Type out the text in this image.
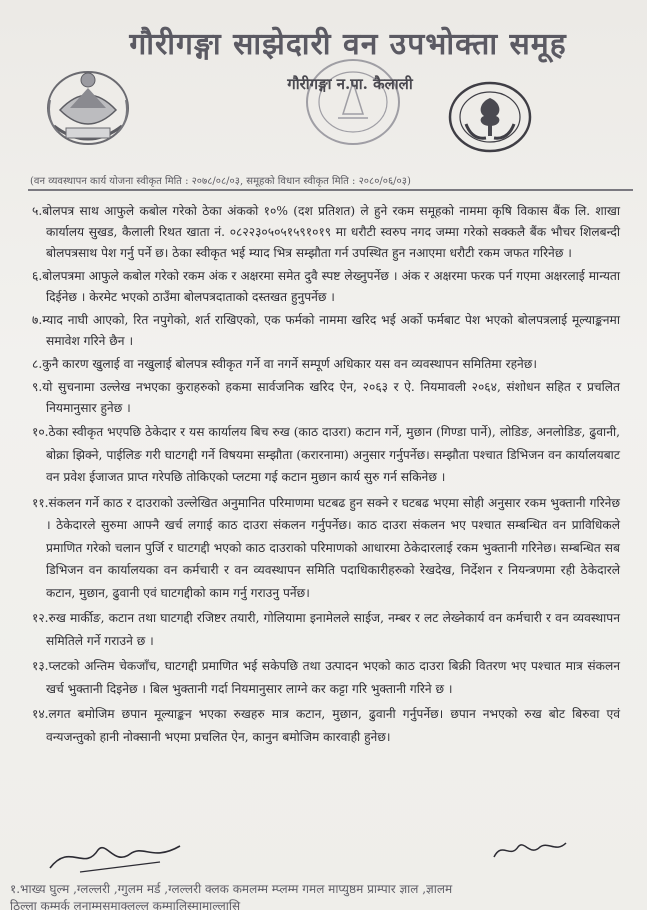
गौरीगङ्गा साझेदारी वन उपभोक्ता समूह
गौरीगङ्गा न.पा. कैलाली
(वन व्यवस्थापन कार्य योजना स्वीकृत मिति : २०७८/०८/०३, समूहको विधान स्वीकृत मिति : २०८०/०६/०३)

५.बोलपत्र साथ आफुले कबोल गरेको ठेका अंकको १०% (दश प्रतिशत) ले हुने रकम समूहको नाममा कृषि विकास बैंक लि. शाखा कार्यालय सुखड, कैलाली रिथत खाता नं. ०८२२३०५०५१५९१०१९ मा धरौटी स्वरुप नगद जम्मा गरेको सक्कलै बैंक भौचर शिलबन्दी बोलपत्रसाथ पेश गर्नु पर्ने छ। ठेका स्वीकृत भई म्याद भित्र सम्झौता गर्न उपस्थित हुन नआएमा धरौटी रकम जफत गरिनेछ ।

६.बोलपत्रमा आफुले कबोल गरेको रकम अंक र अक्षरमा समेत दुवै स्पष्ट लेख्नुपर्नेछ । अंक र अक्षरमा फरक पर्न गएमा अक्षरलाई मान्यता दिईनेछ । केरमेट भएको ठाउँमा बोलपत्रदाताको दस्तखत हुनुपर्नेछ ।

७.म्याद नाघी आएको, रित नपुगेको, शर्त राखिएको, एक फर्मको नाममा खरिद भई अर्को फर्मबाट पेश भएको बोलपत्रलाई मूल्याङ्कनमा समावेश गरिने छैन ।

८.कुनै कारण खुलाई वा नखुलाई बोलपत्र स्वीकृत गर्ने वा नगर्ने सम्पूर्ण अधिकार यस वन व्यवस्थापन समितिमा रहनेछ।

९.यो सुचनामा उल्लेख नभएका कुराहरुको हकमा सार्वजनिक खरिद ऐन, २०६३ र ऐ. नियमावली २०६४, संशोधन सहित र प्रचलित नियमानुसार हुनेछ ।

१०.ठेका स्वीकृत भएपछि ठेकेदार र यस कार्यालय बिच रुख (काठ दाउरा) कटान गर्ने, मुछान (गिण्डा पार्ने), लोडिङ, अनलोडिङ, ढुवानी, बोक्रा झिक्ने, पाईलिङ गरी घाटगद्दी गर्ने विषयमा सम्झौता (करारनामा) अनुसार गर्नुपर्नेछ। सम्झौता पश्चात डिभिजन वन कार्यालयबाट वन प्रवेश ईजाजत प्राप्त गरेपछि तोकिएको प्लटमा गई कटान मुछान कार्य सुरु गर्न सकिनेछ ।

११.संकलन गर्ने काठ र दाउराको उल्लेखित अनुमानित परिमाणमा घटबढ हुन सक्ने र घटबढ भएमा सोही अनुसार रकम भुक्तानी गरिनेछ । ठेकेदारले सुरुमा आफ्नै खर्च लगाई काठ दाउरा संकलन गर्नुपर्नेछ। काठ दाउरा संकलन भए पश्चात सम्बन्धित वन प्राविधिकले प्रमाणित गरेको चलान पुर्जि र घाटगद्दी भएको काठ दाउराको परिमाणको आधारमा ठेकेदारलाई रकम भुक्तानी गरिनेछ। सम्बन्धित सब डिभिजन वन कार्यालयका वन कर्मचारी र वन व्यवस्थापन समिति पदाधिकारीहरुको रेखदेख, निर्देशन र नियन्त्रणमा रही ठेकेदारले कटान, मुछान, ढुवानी एवं घाटगद्दीको काम गर्नु गराउनु पर्नेछ।

१२.रुख मार्कीङ, कटान तथा घाटगद्दी रजिष्टर तयारी, गोलियामा इनामेलले साईज, नम्बर र लट लेख्नेकार्य वन कर्मचारी र वन व्यवस्थापन समितिले गर्ने गराउने छ ।

१३.प्लटको अन्तिम चेकजाँच, घाटगद्दी प्रमाणित भई सकेपछि तथा उत्पादन भएको काठ दाउरा बिक्री वितरण भए पश्चात मात्र संकलन खर्च भुक्तानी दिइनेछ । बिल भुक्तानी गर्दा नियमानुसार लाग्ने कर कट्टा गरि भुक्तानी गरिने छ ।

१४.लगत बमोजिम छपान मूल्याङ्कन भएका रुखहरु मात्र कटान, मुछान, ढुवानी गर्नुपर्नेछ। छपान नभएको रुख बोट बिरुवा एवं वन्यजन्तुको हानी नोक्सानी भएमा प्रचलित ऐन, कानुन बमोजिम कारवाही हुनेछ।

१.भाख्य घुल्म ,ग्लल्लरी ,ग्गुलम मर्ड ,ग्लल्लरी क्लक कमलम्म म्प्लम्म गमल माप्युष्ठम प्राम्पार ज्ञाल ,ज्ञालम
ठिल्ला कम्मर्क लनाम्मसमाक्लल्ल कम्मालिस्मामाल्लासि
